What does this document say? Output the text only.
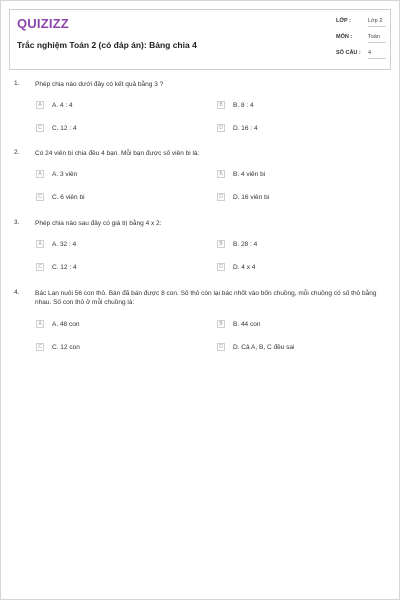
QUIZIZZ
Trắc nghiệm Toán 2 (có đáp án): Bảng chia 4
LỚP :	Lớp 2
MÔN :	Toán
SỐ CÂU : 4
1. Phép chia nào dưới đây có kết quả bằng 3 ?
A	A. 4 : 4	B	B. 8 : 4
C	C. 12 : 4	D	D. 16 : 4
2. Có 24 viên bi chia đều 4 bạn. Mỗi bạn được số viên bi là:
A	A. 3 viên	B	B. 4 viên bi
C	C. 6 viên bi	D	D. 16 viên bi
3. Phép chia nào sau đây có giá trị bằng 4 x 2:
A	A. 32 : 4	B	B. 28 : 4
C	C. 12 : 4	D	D. 4 x 4
4. Bác Lan nuôi 56 con thỏ. Bán đã bán được 8 con. Số thỏ còn lại bác nhốt vào bốn chuồng, mỗi chuồng có số thỏ bằng nhau. Số con thỏ ở mỗi chuồng là:
A	A. 48 con	B	B. 44 con
C	C. 12 con	D	D. Cả A, B, C đều sai
